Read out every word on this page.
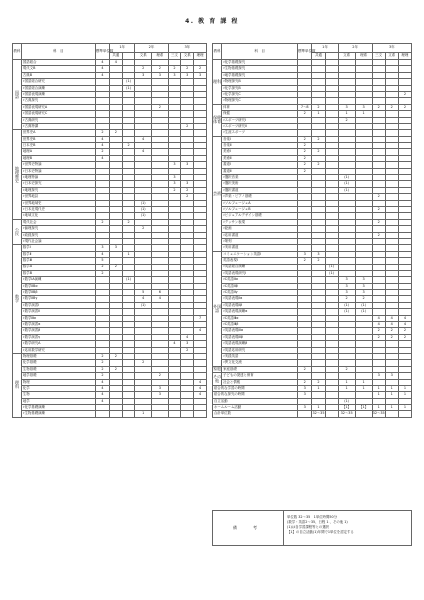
4. 教 育 課 程
教科	科　目	標準単位数	1年		2年		3年		
			共通		文系	理系	三文	文系	理理
国語	国語総合	4	4						
	現代文B	4			2	2	2	2	2
	古典B	4			3	3	3	3	3
	♯国語総合研究			(1)					
	♯国語総合演練			(1)					
	♯国語表現演練								
	♯古典探究								
	♯国語表現研究A					2			
	♯国語表現研究C								
	♯古典研究								
	♯古典特講							2	
地理歴史	世界史A	2	2						
	世界史B	4			4				
	日本史B	4		2					
	地理A	2			4				
	地理B	4							
	♯世界史特論						3	3	
	♯日本史特論								
	♯地理特論						3		
	♯日本史探究						3	3	
	♯地理探究						2	2	
	♯世界地誌							2	
	♯世界地域史				(1)				
	♯日本近現代史				(1)				
	♯地域文化				(1)				
公民	現代社会	2		2					
	♯倫理探究				2				
	♯政経探究								
	♯現代社会論								
数学	数学Ⅰ	3	3						
	数学Ⅱ	4		1					
	数学Ⅲ	5							
	数学A	2	2						
	数学B	2							
	♯数学ⅠA演練			(1)					
	♯数学ⅡBα								
	♯数学ⅡBβ				5	6			
	♯数学ⅡBγ				4	4			
	♯数学演習Ⅰ				(1)				
	♯数学演習Ⅱ								
	♯数学Ⅲα								7
	♯数学演習α								
	♯数学演習β								4
	♯数学演習γ							4	
	♯数学研究A						4	3	
	♯応用数学研究							2	
理科	物理基礎	2	2						
	化学基礎	2			2				
	生物基礎	2	2						
	地学基礎	2				2			
	物理	4							4
	化学	4				3			4
	生物	4				3			4
	地学	4							
	♯化学基礎演練								
	♯生物基礎演練				1				
教科	科　目	標準単位数	1年		2年		3年		
			共通		文系	理系	三文	文系	理理
理科	♯化学基礎探究								
	♯生物基礎探究								
	♯地学基礎探究								
	♯物理探究B								
	♯化学探究B								
	♯化学探究C								2
	♯物理探究C								
保健体育	体育	7〜8	2		3	3	2	2	2
	保健	2	1		1	1			
	♯スポーツ研究Ⅰ				2				
	♯スポーツ研究Ⅱ								
	♯生涯スポーツ								
芸術	音楽Ⅰ	2	2						
	音楽Ⅱ	2							
	美術Ⅰ	2	2						
	美術Ⅱ	2							
	書道Ⅰ	2	2						
	書道Ⅱ	2							
	♯選択音楽				(1)				
	♯選択美術				(1)				
	♯選択書道				(1)				
	♯声楽・ピアノ基礎						2		
	♯ソルフェージュA								
	♯ソルフェージュB						2		
	♯ビジュアルデザイン基礎								
	♯デッサン表現						2		
	♯絵画								
	♯応用書道						2		
	♯篆刻								
	♯実用書道								
外国語	コミュニケーション英語Ⅰ	3	3						
	英語表現Ⅰ	2	2						
	♯英語総合演練			(1)					
	♯英語表現研究Ⅰ			(1)					
	♯C英語Ⅱα				3	3			
	♯C英語Ⅱβ				3	3			
	♯C英語Ⅱγ				3	3			
	♯英語表現Ⅱα				2	2			
	♯英語表現Ⅱβ				(1)	(1)			
	♯英語表現演練α				(1)	(1)			
	♯C英語Ⅲα						4	4	4
	♯C英語Ⅲβ						4	4	4
	♯英語表現Ⅲα						2	2	2
	♯英語表現Ⅲβ						2	2	2
	♯英語表現演練β								
	♯英語応用研究								
	♯実践英語								
	♯異文化交流								
家庭	家庭基礎	2			2				
その他	子どもの発達と保育						3	3	
	社会と情報	2	2		1	1			
総合的な学習の時間		3	1		1	1	1	1	1
総合的な探究の時間		3					1	1	1
自立活動					(1)				
ホームルーム活動		3	1		【1】	【1】	1	1	1
合計単位数			32〜35		32〜35		32〜35		
備　考
単位数 32〜35　1単位時間50分
(数学・英語2〜35、日程 1 、その他 1)
(1)は自学習課程等との選択
【1】の自立活動(1)年間で1単位を認定する
